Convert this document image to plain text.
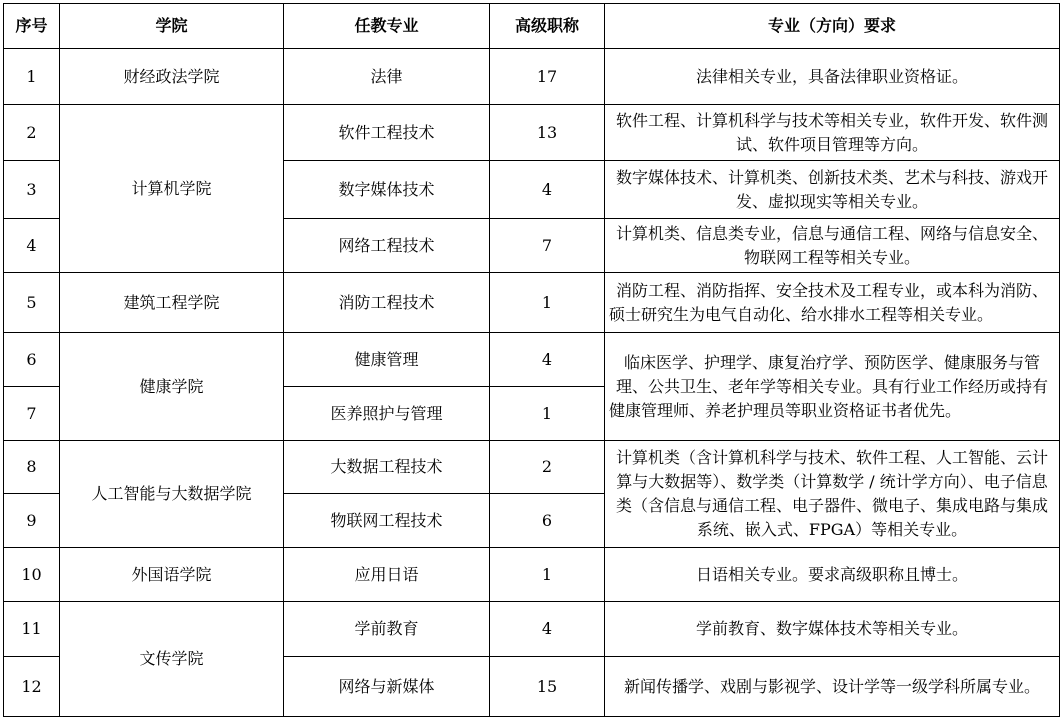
序号	学院	任教专业	高级职称	专业（方向）要求
1	财经政法学院	法律	17	法律相关专业，具备法律职业资格证。
2	计算机学院	软件工程技术	13	软件工程、计算机科学与技术等相关专业，软件开发、软件测试、软件项目管理等方向。
3		数字媒体技术	4	数字媒体技术、计算机类、创新技术类、艺术与科技、游戏开发、虚拟现实等相关专业。
4		网络工程技术	7	计算机类、信息类专业，信息与通信工程、网络与信息安全、物联网工程等相关专业。
5	建筑工程学院	消防工程技术	1	消防工程、消防指挥、安全技术及工程专业，或本科为消防、硕士研究生为电气自动化、给水排水工程等相关专业。
6	健康学院	健康管理	4	临床医学、护理学、康复治疗学、预防医学、健康服务与管理、公共卫生、老年学等相关专业。具有行业工作经历或持有健康管理师、养老护理员等职业资格证书者优先。
7		医养照护与管理	1	
8	人工智能与大数据学院	大数据工程技术	2	计算机类（含计算机科学与技术、软件工程、人工智能、云计算与大数据等）、数学类（计算数学 / 统计学方向）、电子信息类（含信息与通信工程、电子器件、微电子、集成电路与集成系统、嵌入式、FPGA）等相关专业。
9		物联网工程技术	6	
10	外国语学院	应用日语	1	日语相关专业。要求高级职称且博士。
11	文传学院	学前教育	4	学前教育、数字媒体技术等相关专业。
12		网络与新媒体	15	新闻传播学、戏剧与影视学、设计学等一级学科所属专业。
